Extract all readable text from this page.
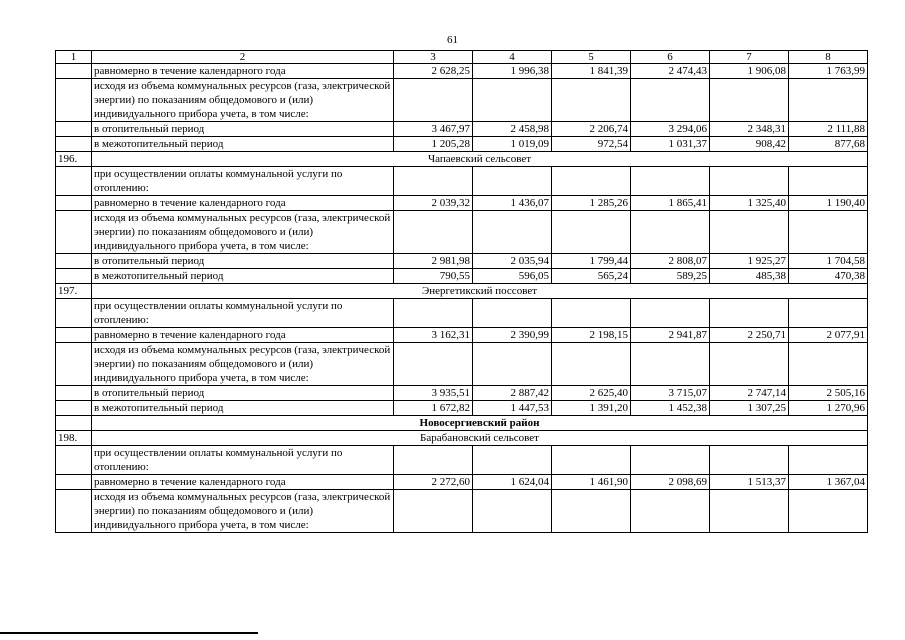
61
1	2	3	4	5	6	7	8
	равномерно в течение календарного года	2 628,25	1 996,38	1 841,39	2 474,43	1 906,08	1 763,99
	исходя из объема коммунальных ресурсов (газа, электрической энергии) по показаниям общедомового и (или) индивидуального прибора учета, в том числе:						
	в отопительный период	3 467,97	2 458,98	2 206,74	3 294,06	2 348,31	2 111,88
	в межотопительный период	1 205,28	1 019,09	972,54	1 031,37	908,42	877,68
196.	Чапаевский сельсовет						
	при осуществлении оплаты коммунальной услуги по отоплению:						
	равномерно в течение календарного года	2 039,32	1 436,07	1 285,26	1 865,41	1 325,40	1 190,40
	исходя из объема коммунальных ресурсов (газа, электрической энергии) по показаниям общедомового и (или) индивидуального прибора учета, в том числе:						
	в отопительный период	2 981,98	2 035,94	1 799,44	2 808,07	1 925,27	1 704,58
	в межотопительный период	790,55	596,05	565,24	589,25	485,38	470,38
197.	Энергетикский поссовет						
	при осуществлении оплаты коммунальной услуги по отоплению:						
	равномерно в течение календарного года	3 162,31	2 390,99	2 198,15	2 941,87	2 250,71	2 077,91
	исходя из объема коммунальных ресурсов (газа, электрической энергии) по показаниям общедомового и (или) индивидуального прибора учета, в том числе:						
	в отопительный период	3 935,51	2 887,42	2 625,40	3 715,07	2 747,14	2 505,16
	в межотопительный период	1 672,82	1 447,53	1 391,20	1 452,38	1 307,25	1 270,96
	Новосергиевский район						
198.	Барабановский сельсовет						
	при осуществлении оплаты коммунальной услуги по отоплению:						
	равномерно в течение календарного года	2 272,60	1 624,04	1 461,90	2 098,69	1 513,37	1 367,04
	исходя из объема коммунальных ресурсов (газа, электрической энергии) по показаниям общедомового и (или) индивидуального прибора учета, в том числе:						
